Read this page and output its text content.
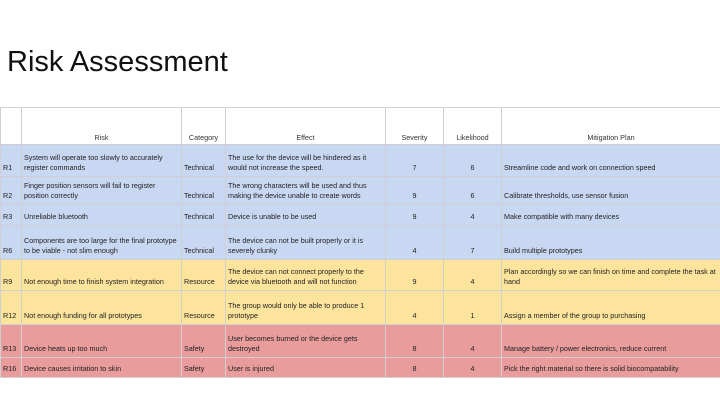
Risk Assessment
	Risk	Category	Effect	Severity	Likelihood	Mitigation Plan
R1	System will operate too slowly to accurately register commands	Technical	The use for the device will be hindered as it would not increase the speed.	7	6	Streamline code and work on connection speed
R2	Finger position sensors will fail to register position correctly	Technical	The wrong characters will be used and thus making the device unable to create words	9	6	Calibrate thresholds, use sensor fusion
R3	Unreliable bluetooth	Technical	Device is unable to be used	9	4	Make compatible with many devices
R6	Components are too large for the final prototype to be viable - not slim enough	Technical	The device can not be built properly or it is severely clunky	4	7	Build multiple prototypes
R9	Not enough time to finish system integration	Resource	The device can not connect properly to the device via bluetooth and will not function	9	4	Plan accordingly so we can finish on time and complete the task at hand
R12	Not enough funding for all prototypes	Resource	The group would only be able to produce 1 prototype	4	1	Assign a member of the group to purchasing
R13	Device heats up too much	Safety	User becomes burned or the device gets destroyed	8	4	Manage battery / power electronics, reduce current
R16	Device causes irritation to skin	Safety	User is injured	8	4	Pick the right material so there is solid biocompatability
